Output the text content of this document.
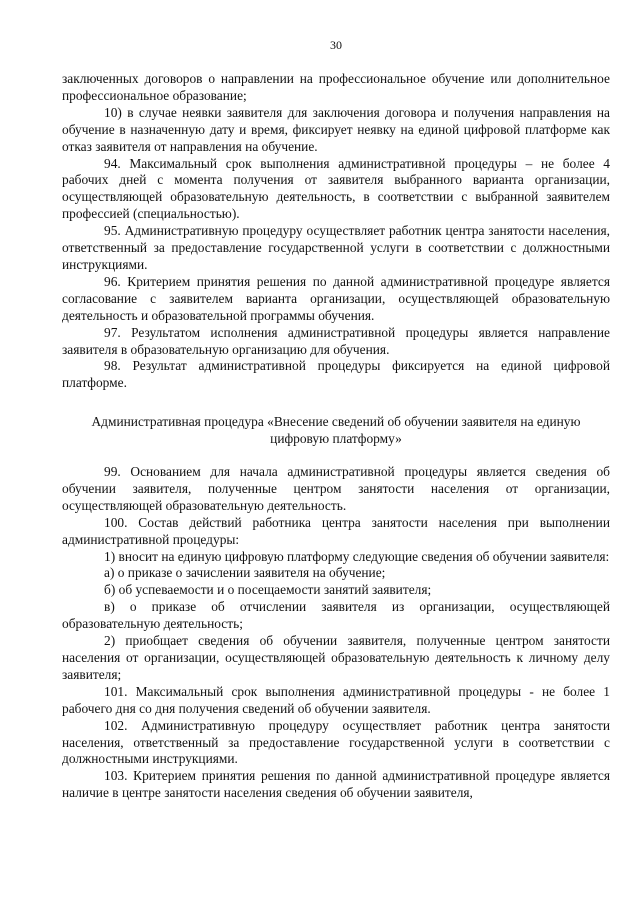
30

заключенных договоров о направлении на профессиональное обучение или дополнительное профессиональное образование;

10) в случае неявки заявителя для заключения договора и получения направления на обучение в назначенную дату и время, фиксирует неявку на единой цифровой платформе как отказ заявителя от направления на обучение.

94. Максимальный срок выполнения административной процедуры – не более 4 рабочих дней с момента получения от заявителя выбранного варианта организации, осуществляющей образовательную деятельность, в соответствии с выбранной заявителем профессией (специальностью).

95. Административную процедуру осуществляет работник центра занятости населения, ответственный за предоставление государственной услуги в соответствии с должностными инструкциями.

96. Критерием принятия решения по данной административной процедуре является согласование с заявителем варианта организации, осуществляющей образовательную деятельность и образовательной программы обучения.

97. Результатом исполнения административной процедуры является направление заявителя в образовательную организацию для обучения.

98. Результат административной процедуры фиксируется на единой цифровой платформе.

Административная процедура «Внесение сведений об обучении заявителя на единую цифровую платформу»

99. Основанием для начала административной процедуры является сведения об обучении заявителя, полученные центром занятости населения от организации, осуществляющей образовательную деятельность.

100. Состав действий работника центра занятости населения при выполнении административной процедуры:

1) вносит на единую цифровую платформу следующие сведения об обучении заявителя:

а) о приказе о зачислении заявителя на обучение;

б) об успеваемости и о посещаемости занятий заявителя;

в) о приказе об отчислении заявителя из организации, осуществляющей образовательную деятельность;

2) приобщает сведения об обучении заявителя, полученные центром занятости населения от организации, осуществляющей образовательную деятельность к личному делу заявителя;

101. Максимальный срок выполнения административной процедуры - не более 1 рабочего дня со дня получения сведений об обучении заявителя.

102. Административную процедуру осуществляет работник центра занятости населения, ответственный за предоставление государственной услуги в соответствии с должностными инструкциями.

103. Критерием принятия решения по данной административной процедуре является наличие в центре занятости населения сведения об обучении заявителя,
